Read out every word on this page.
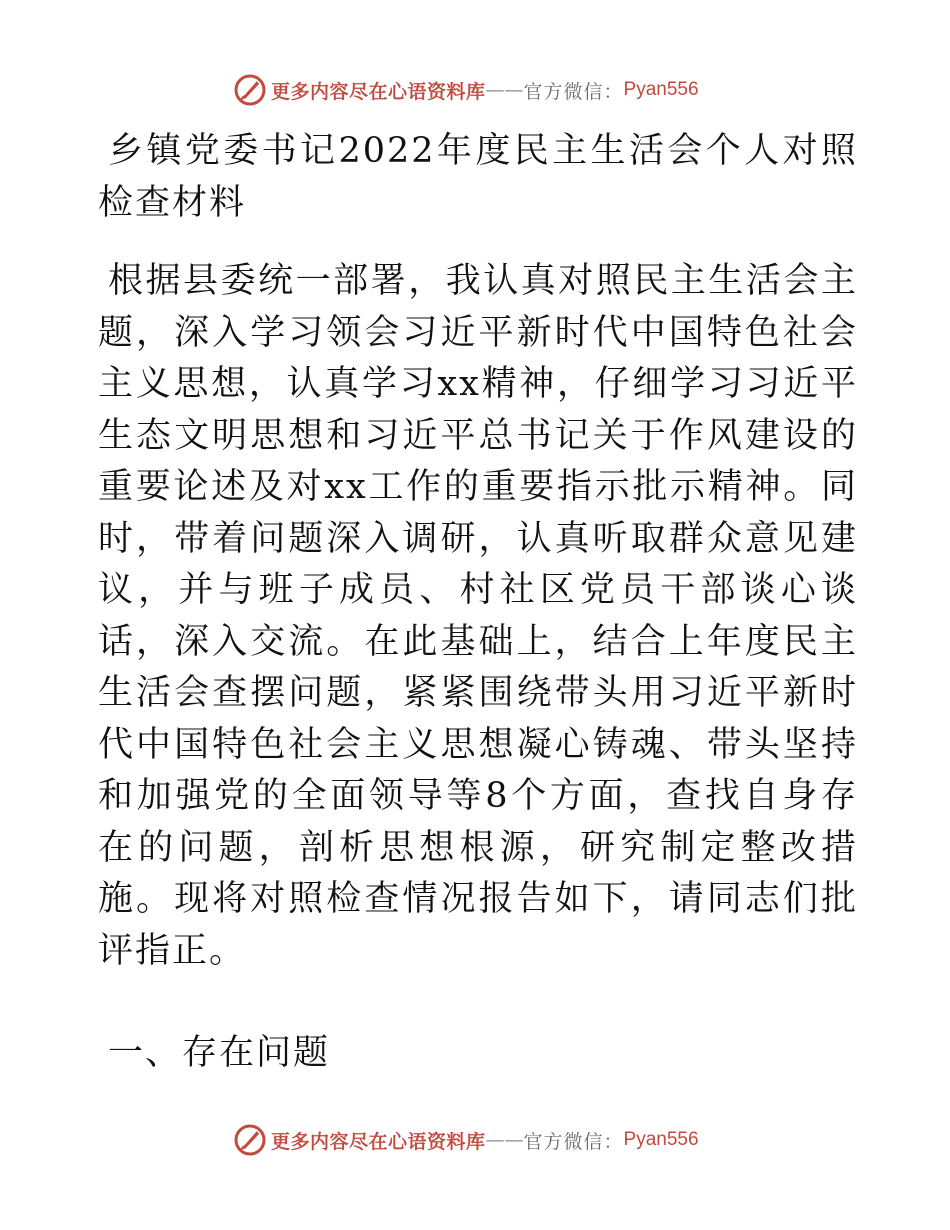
更多内容尽在心语资料库 —— 官方微信： Pyan556

乡镇党委书记2022年度民主生活会个人对照检查材料

根据县委统一部署，我认真对照民主生活会主题，深入学习领会习近平新时代中国特色社会主义思想，认真学习xx精神，仔细学习习近平生态文明思想和习近平总书记关于作风建设的重要论述及对xx工作的重要指示批示精神。同时，带着问题深入调研，认真听取群众意见建议，并与班子成员、村社区党员干部谈心谈话，深入交流。在此基础上，结合上年度民主生活会查摆问题，紧紧围绕带头用习近平新时代中国特色社会主义思想凝心铸魂、带头坚持和加强党的全面领导等8个方面，查找自身存在的问题，剖析思想根源，研究制定整改措施。现将对照检查情况报告如下，请同志们批评指正。

一、存在问题

更多内容尽在心语资料库 —— 官方微信： Pyan556
